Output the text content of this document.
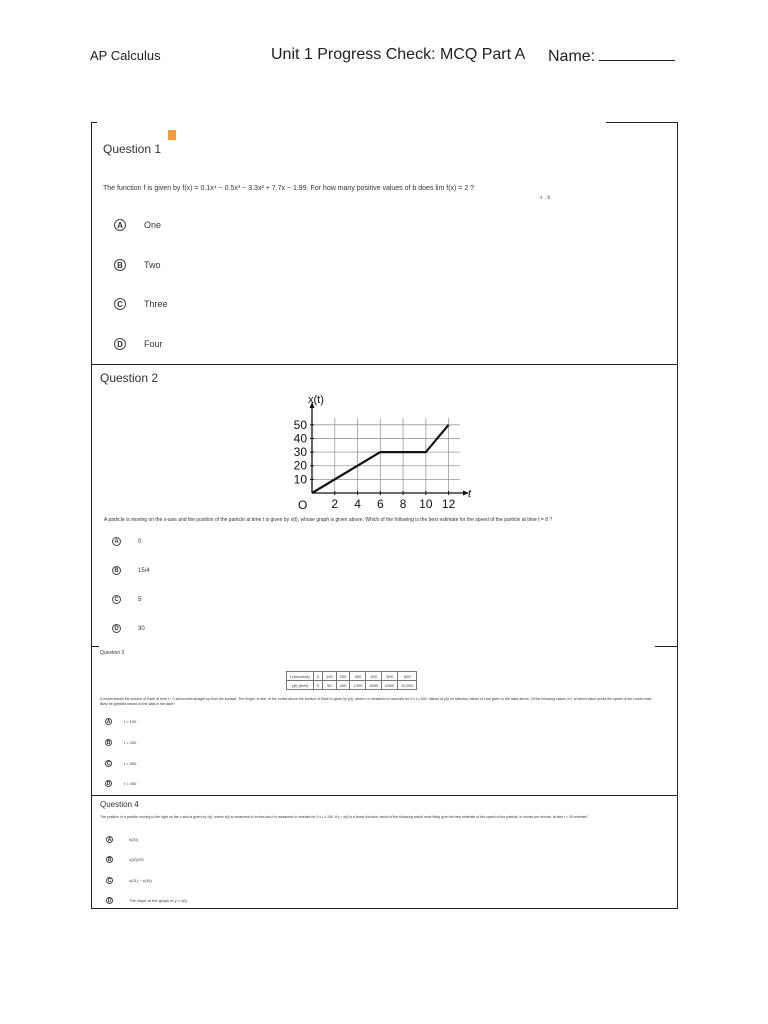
AP Calculus	Unit 1 Progress Check: MCQ Part A Name:
Question 1
The function f is given by f(x) = 0.1x⁴ − 0.5x³ − 3.3x² + 7.7x − 1.99. For how many positive values of b does lim f(x) = 2 ?
x→b
A	One
B	Two
C	Three
D	Four
Question 2
2 4 6 8 10 12
10
20
30
40
50
x(t)
t
O
A particle is moving on the x-axis and the position of the particle at time t is given by x(t), whose graph is given above. Which of the following is the best estimate for the speed of the particle at time t = 8 ?
A	0
B	15/4
C	5
D	30
Question 3
t (seconds)	0	100	200	300	400	500	600
y(t) (feet)	0	50	400	1300	3000	6250	10,000
A rocket leaves the surface of Earth at time t = 0 and travels straight up from the surface. The height, in feet, of the rocket above the surface of Earth is given by y(t), where t is measured in seconds for 0 ≤ t ≤ 600. Values of y(t) for selected values of t are given in the table above. Of the following values of t, at which value would the speed of the rocket most likely be greatest based on the data in the table?
A	t = 100
B	t = 200
C	t = 300
D	t = 400
Question 4
The position of a particle moving to the right on the x-axis is given by x(t), where x(t) is measured in inches and t is measured in minutes for 0 ≤ t ≤ 100. If y = x(t) is a linear function, which of the following would most likely give the best estimate of the speed of the particle, in inches per minute, at time t = 20 minutes?
A	x(20)
B	x(20)/20
C	x(21) − x(19)
D	The slope of the graph of y = x(t)
